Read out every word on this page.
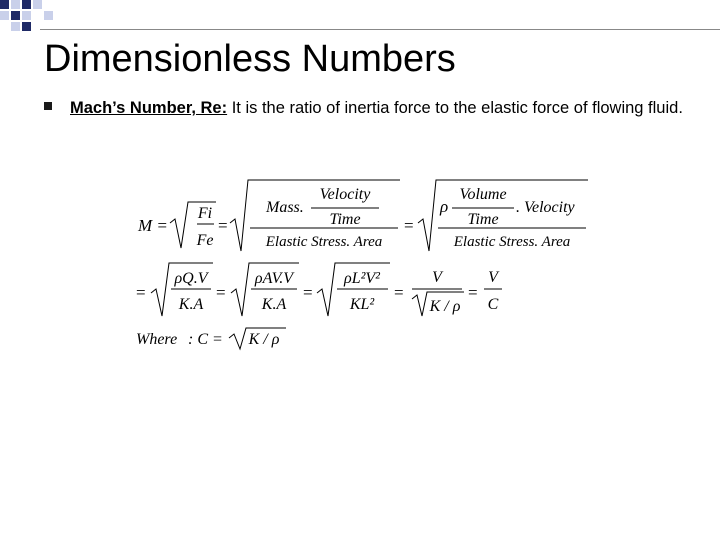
Dimensionless Numbers
Mach’s Number, Re: It is the ratio of inertia force to the elastic force of flowing fluid.
M =
Fi
Fe
=
Mass.
Velocity
Time
Elastic Stress. Area
=
ρ
Volume
Time
. Velocity
Elastic Stress. Area
=
ρQ.V
K.A
=
ρAV.V
K.A
=
ρL²V²
KL²
=
V
K / ρ
=
V
C
Where : C = K / ρ
